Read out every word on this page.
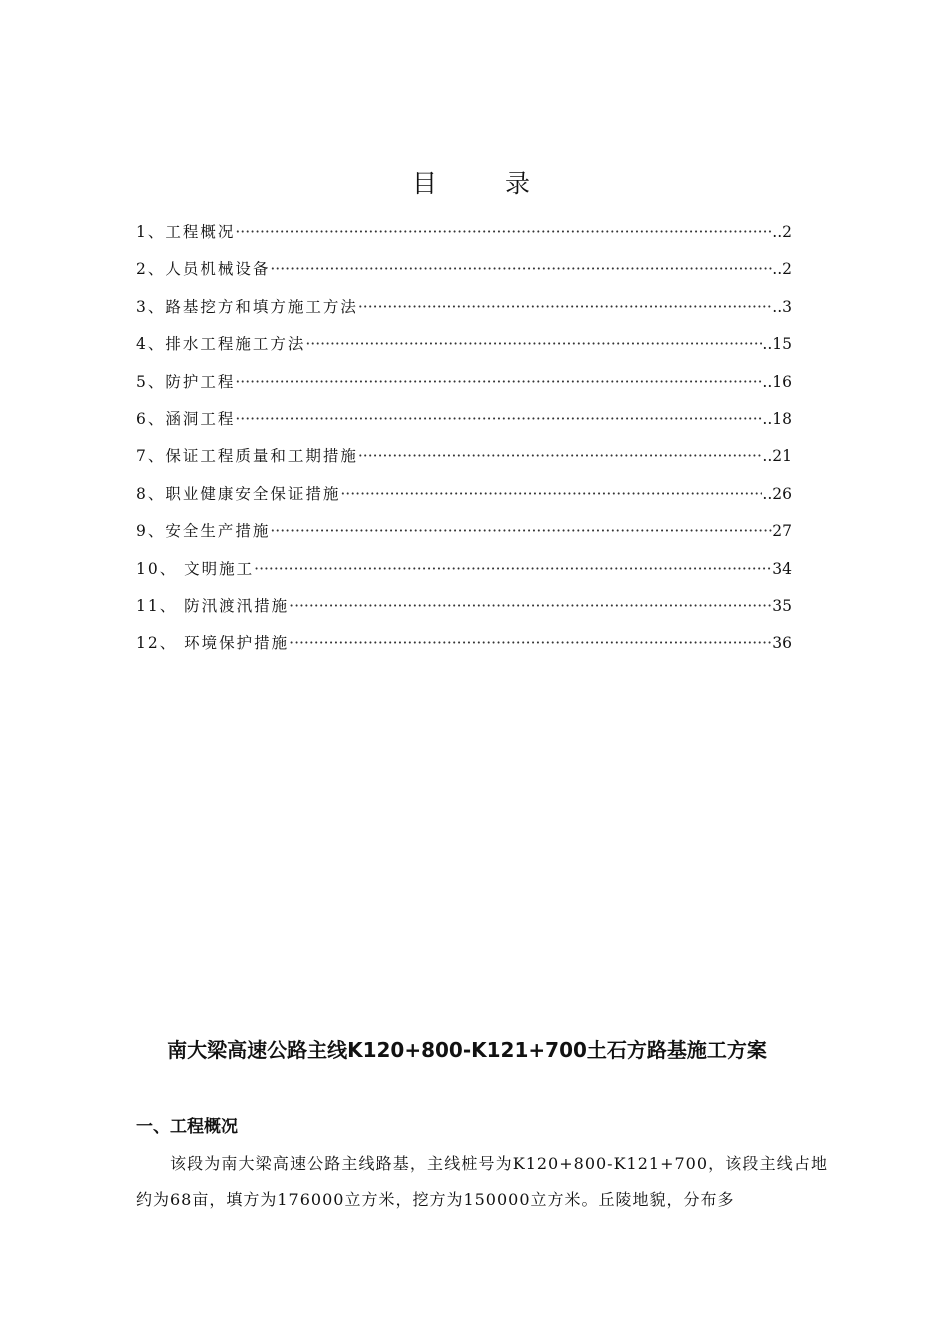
目 录
1、工程概况 ·····	..2
2、人员机械设备 ·····	..2
3、路基挖方和填方施工方法 ·····	..3
4、排水工程施工方法 ·····	..15
5、防护工程 ·····	..16
6、涵洞工程 ·····	..18
7、保证工程质量和工期措施 ·····	..21
8、职业健康安全保证措施 ·····	..26
9、安全生产措施 ·····	27
10、 文明施工 ·····	34
11、 防汛渡汛措施 ·····	35
12、 环境保护措施 ·····	36
南大梁高速公路主线K120+800-K121+700土石方路基施工方案
一、工程概况

该段为南大梁高速公路主线路基，主线桩号为K120+800-K121+700，该段主线占地约为68亩，填方为176000立方米，挖方为150000立方米。丘陵地貌，分布多
